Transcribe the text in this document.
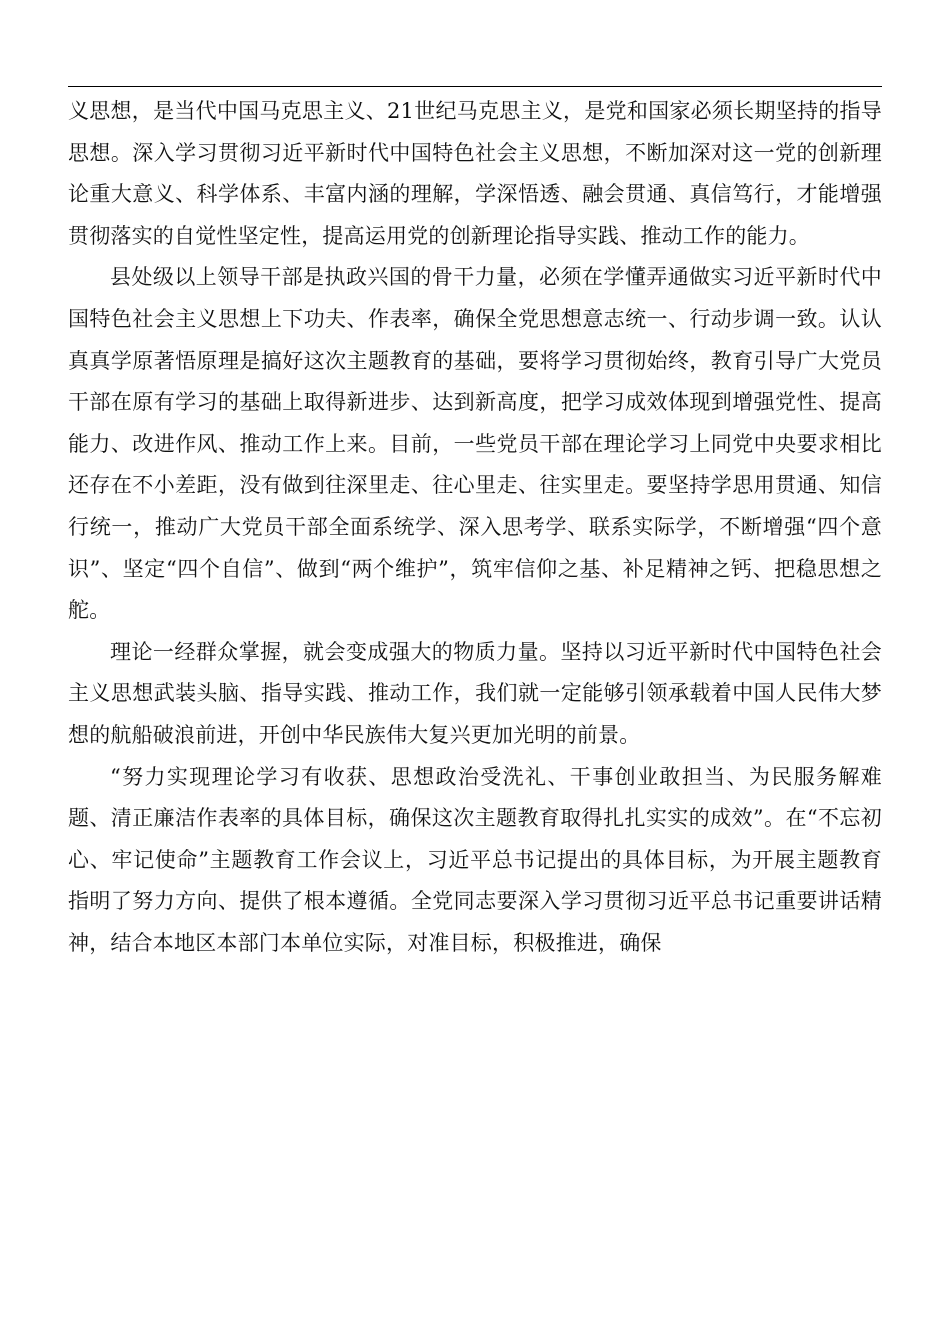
义思想，是当代中国马克思主义、21世纪马克思主义，是党和国家必须长期坚持的指导思想。深入学习贯彻习近平新时代中国特色社会主义思想，不断加深对这一党的创新理论重大意义、科学体系、丰富内涵的理解，学深悟透、融会贯通、真信笃行，才能增强贯彻落实的自觉性坚定性，提高运用党的创新理论指导实践、推动工作的能力。

县处级以上领导干部是执政兴国的骨干力量，必须在学懂弄通做实习近平新时代中国特色社会主义思想上下功夫、作表率，确保全党思想意志统一、行动步调一致。认认真真学原著悟原理是搞好这次主题教育的基础，要将学习贯彻始终，教育引导广大党员干部在原有学习的基础上取得新进步、达到新高度，把学习成效体现到增强党性、提高能力、改进作风、推动工作上来。目前，一些党员干部在理论学习上同党中央要求相比还存在不小差距，没有做到往深里走、往心里走、往实里走。要坚持学思用贯通、知信行统一，推动广大党员干部全面系统学、深入思考学、联系实际学，不断增强“四个意识”、坚定“四个自信”、做到“两个维护”，筑牢信仰之基、补足精神之钙、把稳思想之舵。

理论一经群众掌握，就会变成强大的物质力量。坚持以习近平新时代中国特色社会主义思想武装头脑、指导实践、推动工作，我们就一定能够引领承载着中国人民伟大梦想的航船破浪前进，开创中华民族伟大复兴更加光明的前景。

“努力实现理论学习有收获、思想政治受洗礼、干事创业敢担当、为民服务解难题、清正廉洁作表率的具体目标，确保这次主题教育取得扎扎实实的成效”。在“不忘初心、牢记使命”主题教育工作会议上，习近平总书记提出的具体目标，为开展主题教育指明了努力方向、提供了根本遵循。全党同志要深入学习贯彻习近平总书记重要讲话精神，结合本地区本部门本单位实际，对准目标，积极推进，确保
